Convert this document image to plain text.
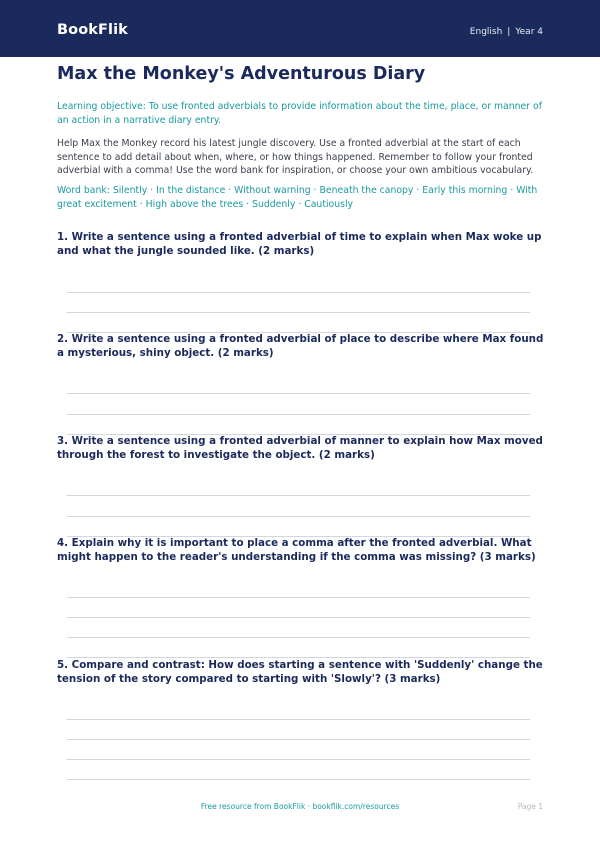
BookFlik	English | Year 4
Max the Monkey's Adventurous Diary

Learning objective: To use fronted adverbials to provide information about the time, place, or manner of an action in a narrative diary entry.

Help Max the Monkey record his latest jungle discovery. Use a fronted adverbial at the start of each sentence to add detail about when, where, or how things happened. Remember to follow your fronted adverbial with a comma! Use the word bank for inspiration, or choose your own ambitious vocabulary.

Word bank: Silently · In the distance · Without warning · Beneath the canopy · Early this morning · With great excitement · High above the trees · Suddenly · Cautiously

1. Write a sentence using a fronted adverbial of time to explain when Max woke up and what the jungle sounded like. (2 marks)

2. Write a sentence using a fronted adverbial of place to describe where Max found a mysterious, shiny object. (2 marks)

3. Write a sentence using a fronted adverbial of manner to explain how Max moved through the forest to investigate the object. (2 marks)

4. Explain why it is important to place a comma after the fronted adverbial. What might happen to the reader's understanding if the comma was missing? (3 marks)

5. Compare and contrast: How does starting a sentence with 'Suddenly' change the tension of the story compared to starting with 'Slowly'? (3 marks)

Free resource from BookFlik · bookflik.com/resources	Page 1
